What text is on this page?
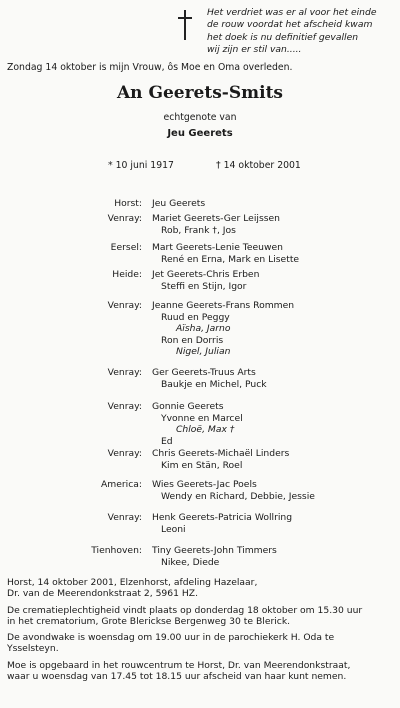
Het verdriet was er al voor het einde
de rouw voordat het afscheid kwam
het doek is nu definitief gevallen
wij zijn er stil van.....
Zondag 14 oktober is mijn Vrouw, ôs Moe en Oma overleden.
An Geerets-Smits
echtgenote van
Jeu Geerets
* 10 juni 1917	† 14 oktober 2001
Horst: Jeu Geerets
Venray: Mariet Geerets-Ger Leijssen
Rob, Frank †, Jos
Eersel: Mart Geerets-Lenie Teeuwen
René en Erna, Mark en Lisette
Heide: Jet Geerets-Chris Erben
Steffi en Stijn, Igor
Venray: Jeanne Geerets-Frans Rommen
Ruud en Peggy
Aïsha, Jarno
Ron en Dorris
Nigel, Julian
Venray: Ger Geerets-Truus Arts
Baukje en Michel, Puck
Venray: Gonnie Geerets
Yvonne en Marcel
Chloë, Max †
Ed
Venray: Chris Geerets-Michaël Linders
Kim en Stän, Roel
America: Wies Geerets-Jac Poels
Wendy en Richard, Debbie, Jessie
Venray: Henk Geerets-Patricia Wollring
Leoni
Tienhoven: Tiny Geerets-John Timmers
Nikee, Diede

Horst, 14 oktober 2001, Elzenhorst, afdeling Hazelaar,
Dr. van de Meerendonkstraat 2, 5961 HZ.

De crematieplechtigheid vindt plaats op donderdag 18 oktober om 15.30 uur
in het crematorium, Grote Blerickse Bergenweg 30 te Blerick.

De avondwake is woensdag om 19.00 uur in de parochiekerk H. Oda te
Ysselsteyn.

Moe is opgebaard in het rouwcentrum te Horst, Dr. van Meerendonkstraat,
waar u woensdag van 17.45 tot 18.15 uur afscheid van haar kunt nemen.
